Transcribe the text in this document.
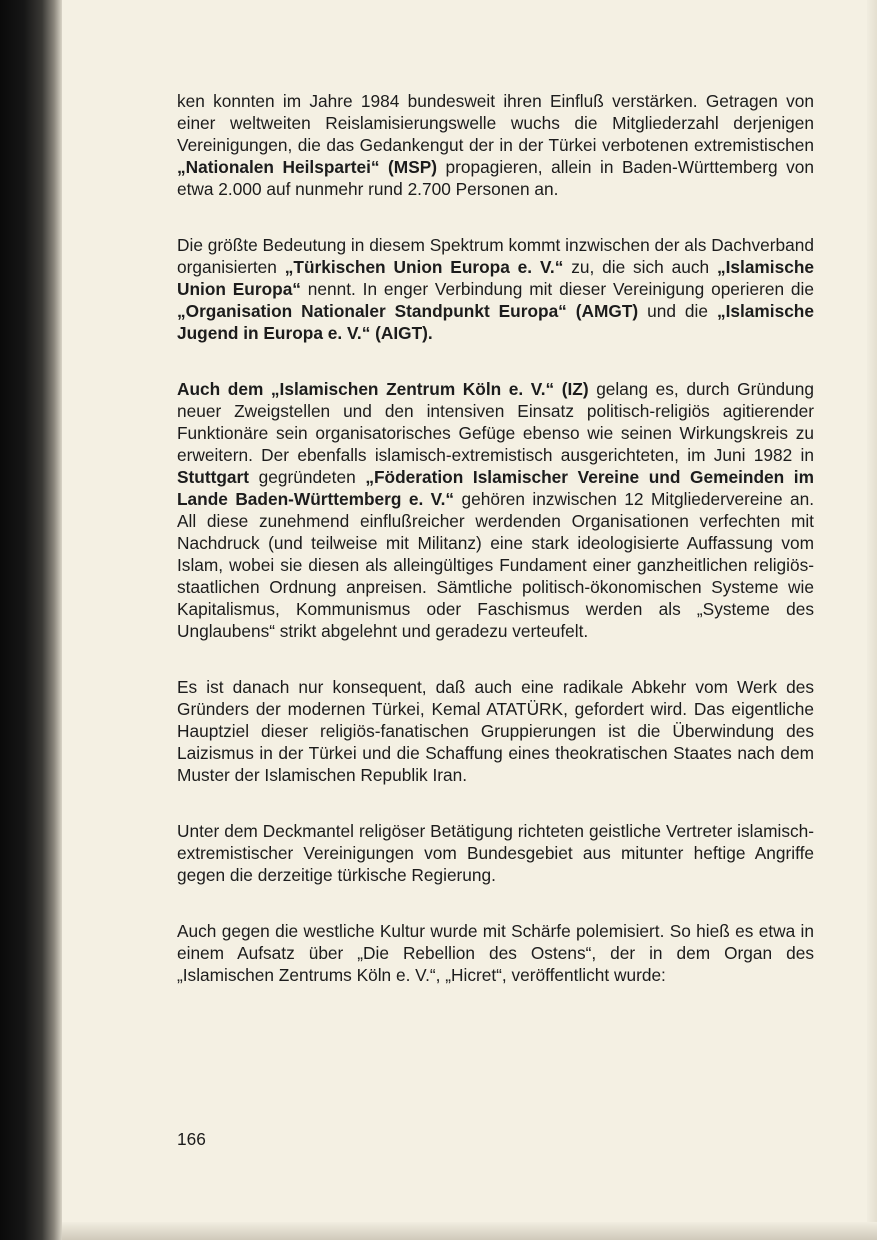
ken konnten im Jahre 1984 bundesweit ihren Einfluß verstärken. Getragen von einer weltweiten Reislamisierungswelle wuchs die Mitgliederzahl derjenigen Vereinigungen, die das Gedankengut der in der Türkei verbotenen extremistischen „Nationalen Heilspartei“ (MSP) propagieren, allein in Baden-Württemberg von etwa 2.000 auf nunmehr rund 2.700 Personen an.

Die größte Bedeutung in diesem Spektrum kommt inzwischen der als Dachverband organisierten „Türkischen Union Europa e. V.“ zu, die sich auch „Islamische Union Europa“ nennt. In enger Verbindung mit dieser Vereinigung operieren die „Organisation Nationaler Standpunkt Europa“ (AMGT) und die „Islamische Jugend in Europa e. V.“ (AIGT).

Auch dem „Islamischen Zentrum Köln e. V.“ (IZ) gelang es, durch Gründung neuer Zweigstellen und den intensiven Einsatz politisch-religiös agitierender Funktionäre sein organisatorisches Gefüge ebenso wie seinen Wirkungskreis zu erweitern. Der ebenfalls islamisch-extremistisch ausgerichteten, im Juni 1982 in Stuttgart gegründeten „Föderation Islamischer Vereine und Gemeinden im Lande Baden-Württemberg e. V.“ gehören inzwischen 12 Mitgliedervereine an. All diese zunehmend einflußreicher werdenden Organisationen verfechten mit Nachdruck (und teilweise mit Militanz) eine stark ideologisierte Auffassung vom Islam, wobei sie diesen als alleingültiges Fundament einer ganzheitlichen religiös-staatlichen Ordnung anpreisen. Sämtliche politisch-ökonomischen Systeme wie Kapitalismus, Kommunismus oder Faschismus werden als „Systeme des Unglaubens“ strikt abgelehnt und geradezu verteufelt.

Es ist danach nur konsequent, daß auch eine radikale Abkehr vom Werk des Gründers der modernen Türkei, Kemal ATATÜRK, gefordert wird. Das eigentliche Hauptziel dieser religiös-fanatischen Gruppierungen ist die Überwindung des Laizismus in der Türkei und die Schaffung eines theokratischen Staates nach dem Muster der Islamischen Republik Iran.

Unter dem Deckmantel religöser Betätigung richteten geistliche Vertreter islamisch-extremistischer Vereinigungen vom Bundesgebiet aus mitunter heftige Angriffe gegen die derzeitige türkische Regierung.

Auch gegen die westliche Kultur wurde mit Schärfe polemisiert. So hieß es etwa in einem Aufsatz über „Die Rebellion des Ostens“, der in dem Organ des „Islamischen Zentrums Köln e. V.“, „Hicret“, veröffentlicht wurde:

166
